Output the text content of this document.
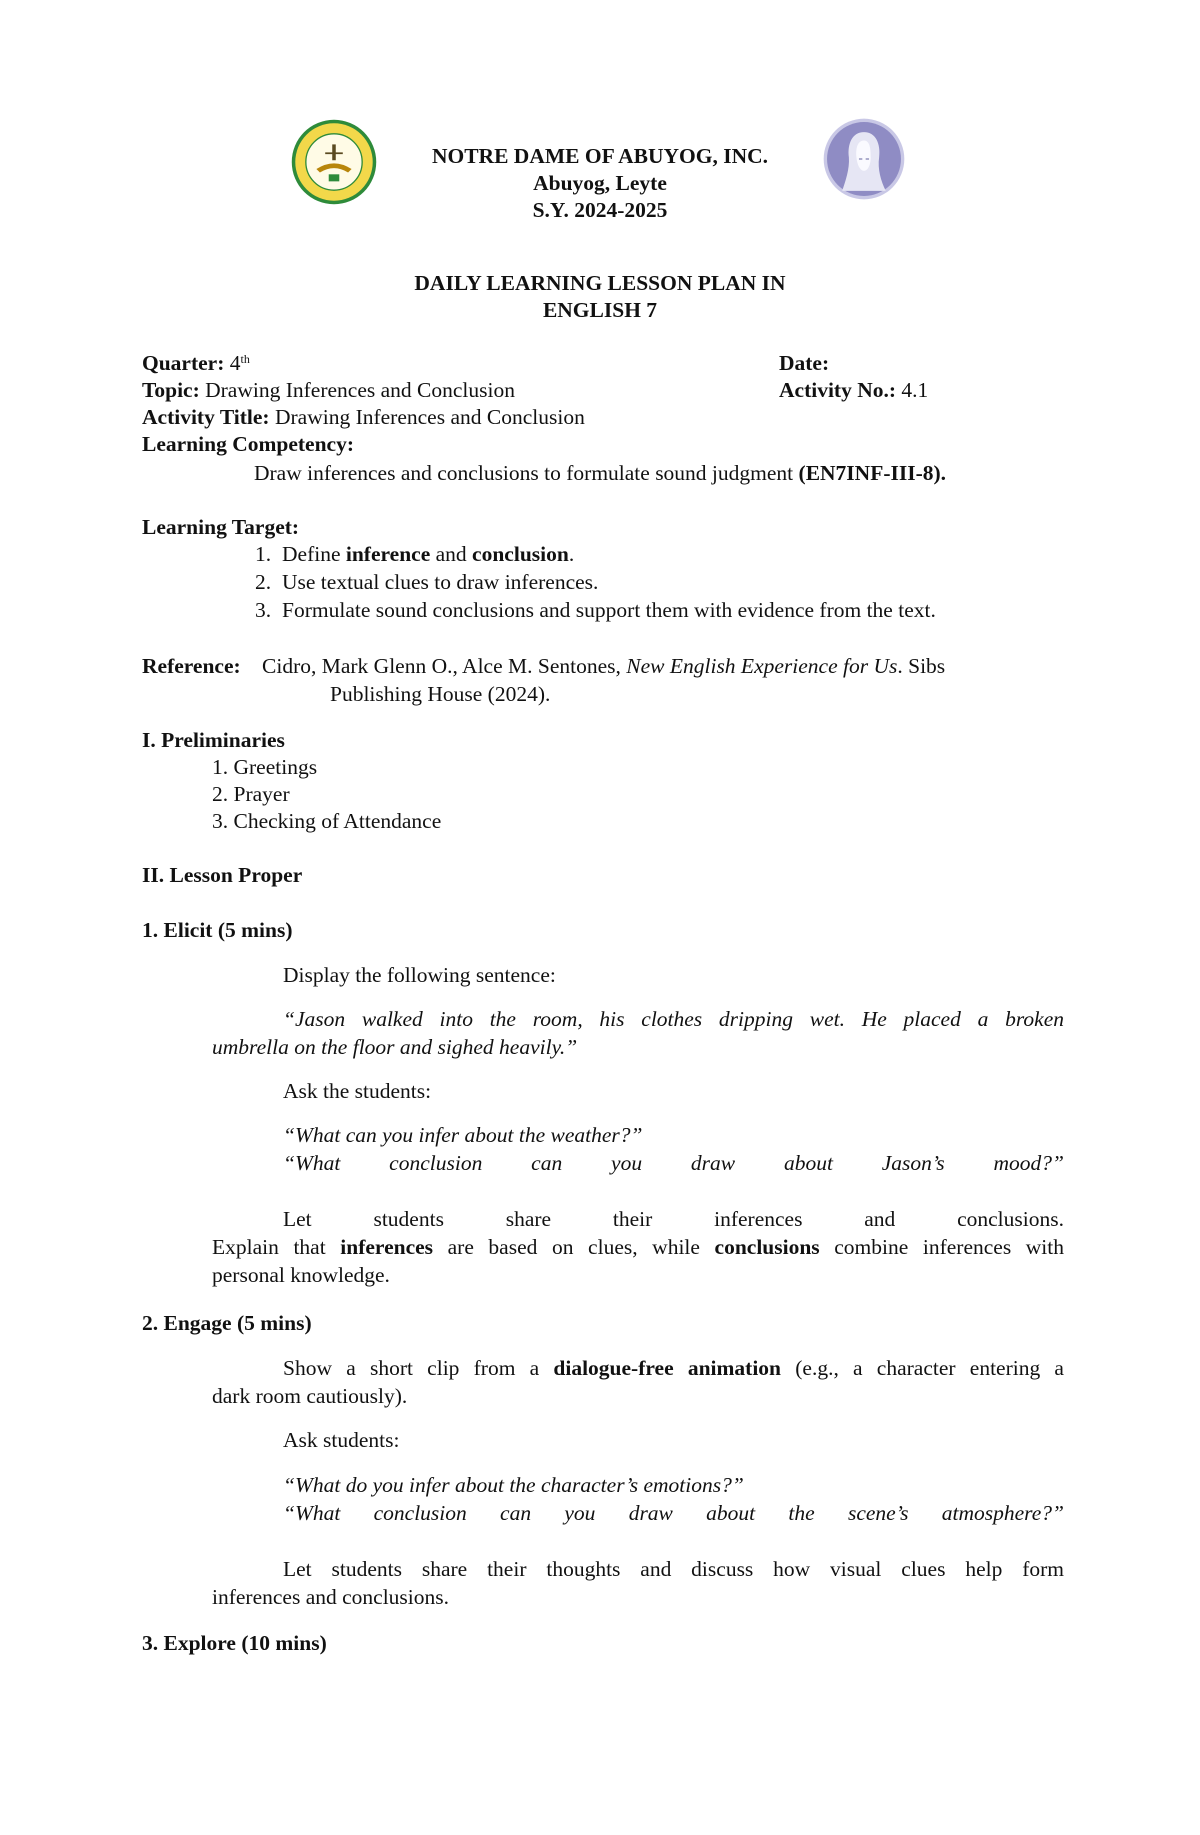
NOTRE DAME OF ABUYOG, INC.
Abuyog, Leyte
S.Y. 2024-2025
DAILY LEARNING LESSON PLAN IN
ENGLISH 7
Quarter: 4th	Date:
Topic: Drawing Inferences and Conclusion	Activity No.: 4.1
Activity Title: Drawing Inferences and Conclusion
Learning Competency:
Draw inferences and conclusions to formulate sound judgment (EN7INF-III-8).
Learning Target:
1. Define inference and conclusion.
2. Use textual clues to draw inferences.
3. Formulate sound conclusions and support them with evidence from the text.
Reference: Cidro, Mark Glenn O., Alce M. Sentones, New English Experience for Us. Sibs
Publishing House (2024).
I. Preliminaries
1. Greetings
2. Prayer
3. Checking of Attendance
II. Lesson Proper
1. Elicit (5 mins)
Display the following sentence:
“Jason walked into the room, his clothes dripping wet. He placed a broken
umbrella on the floor and sighed heavily.”
Ask the students:
“What can you infer about the weather?”
“What conclusion can you draw about Jason’s mood?”
Let students share their inferences and conclusions.
Explain that inferences are based on clues, while conclusions combine inferences with
personal knowledge.
2. Engage (5 mins)
Show a short clip from a dialogue-free animation (e.g., a character entering a
dark room cautiously).
Ask students:
“What do you infer about the character’s emotions?”
“What conclusion can you draw about the scene’s atmosphere?”
Let students share their thoughts and discuss how visual clues help form
inferences and conclusions.
3. Explore (10 mins)
